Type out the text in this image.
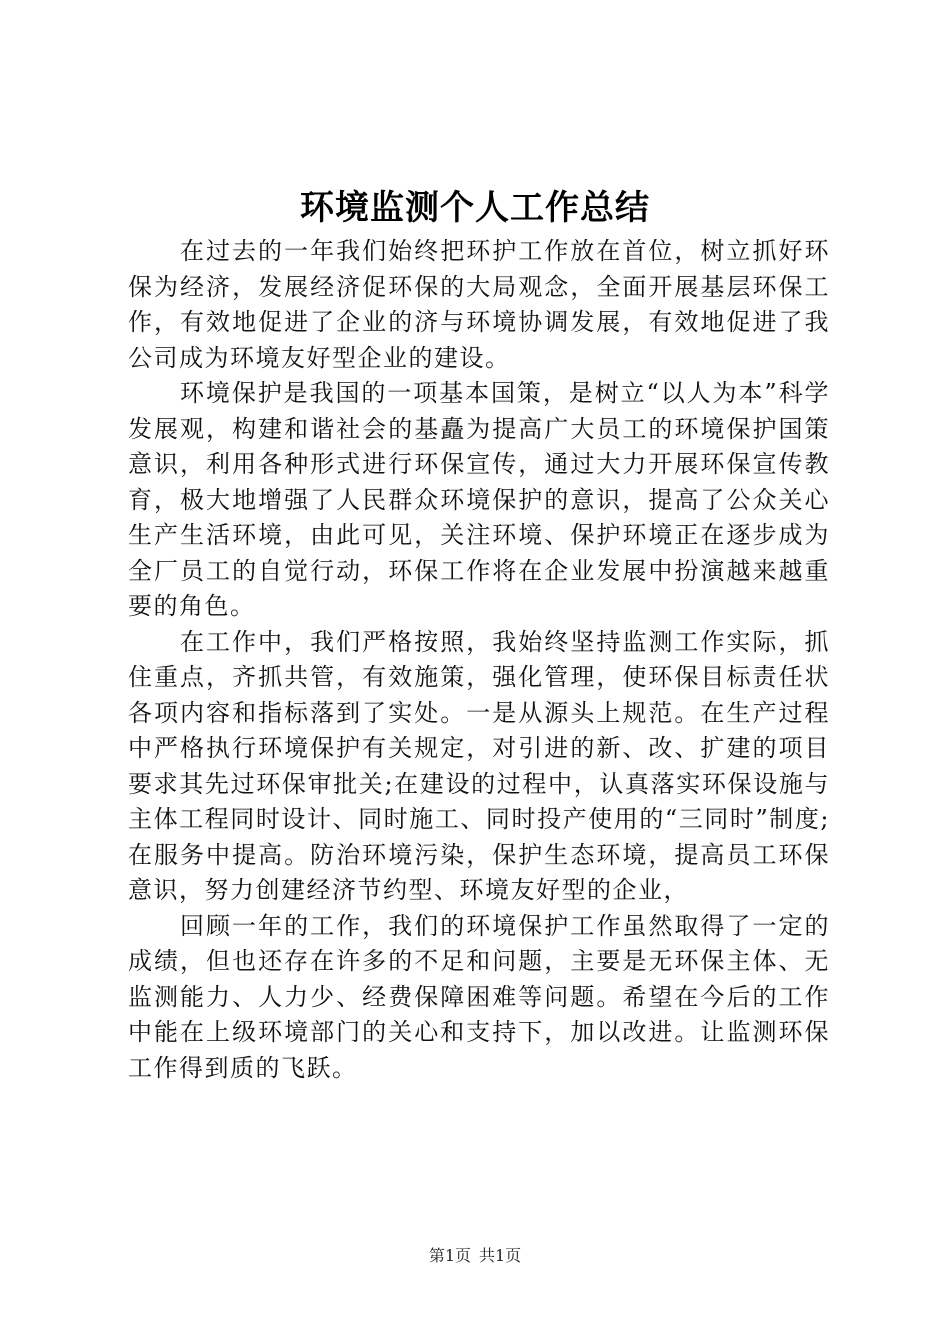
环境监测个人工作总结

在过去的一年我们始终把环护工作放在首位，树立抓好环保为经济，发展经济促环保的大局观念，全面开展基层环保工作，有效地促进了企业的济与环境协调发展，有效地促进了我公司成为环境友好型企业的建设。

环境保护是我国的一项基本国策，是树立“以人为本”科学发展观，构建和谐社会的基矗为提高广大员工的环境保护国策意识，利用各种形式进行环保宣传，通过大力开展环保宣传教育，极大地增强了人民群众环境保护的意识，提高了公众关心生产生活环境，由此可见，关注环境、保护环境正在逐步成为全厂员工的自觉行动，环保工作将在企业发展中扮演越来越重要的角色。

在工作中，我们严格按照，我始终坚持监测工作实际，抓住重点，齐抓共管，有效施策，强化管理，使环保目标责任状各项内容和指标落到了实处。一是从源头上规范。在生产过程中严格执行环境保护有关规定，对引进的新、改、扩建的项目要求其先过环保审批关;在建设的过程中，认真落实环保设施与主体工程同时设计、同时施工、同时投产使用的“三同时”制度;在服务中提高。防治环境污染，保护生态环境，提高员工环保意识，努力创建经济节约型、环境友好型的企业，

回顾一年的工作，我们的环境保护工作虽然取得了一定的成绩，但也还存在许多的不足和问题，主要是无环保主体、无监测能力、人力少、经费保障困难等问题。希望在今后的工作中能在上级环境部门的关心和支持下，加以改进。让监测环保工作得到质的飞跃。

第1页 共1页
